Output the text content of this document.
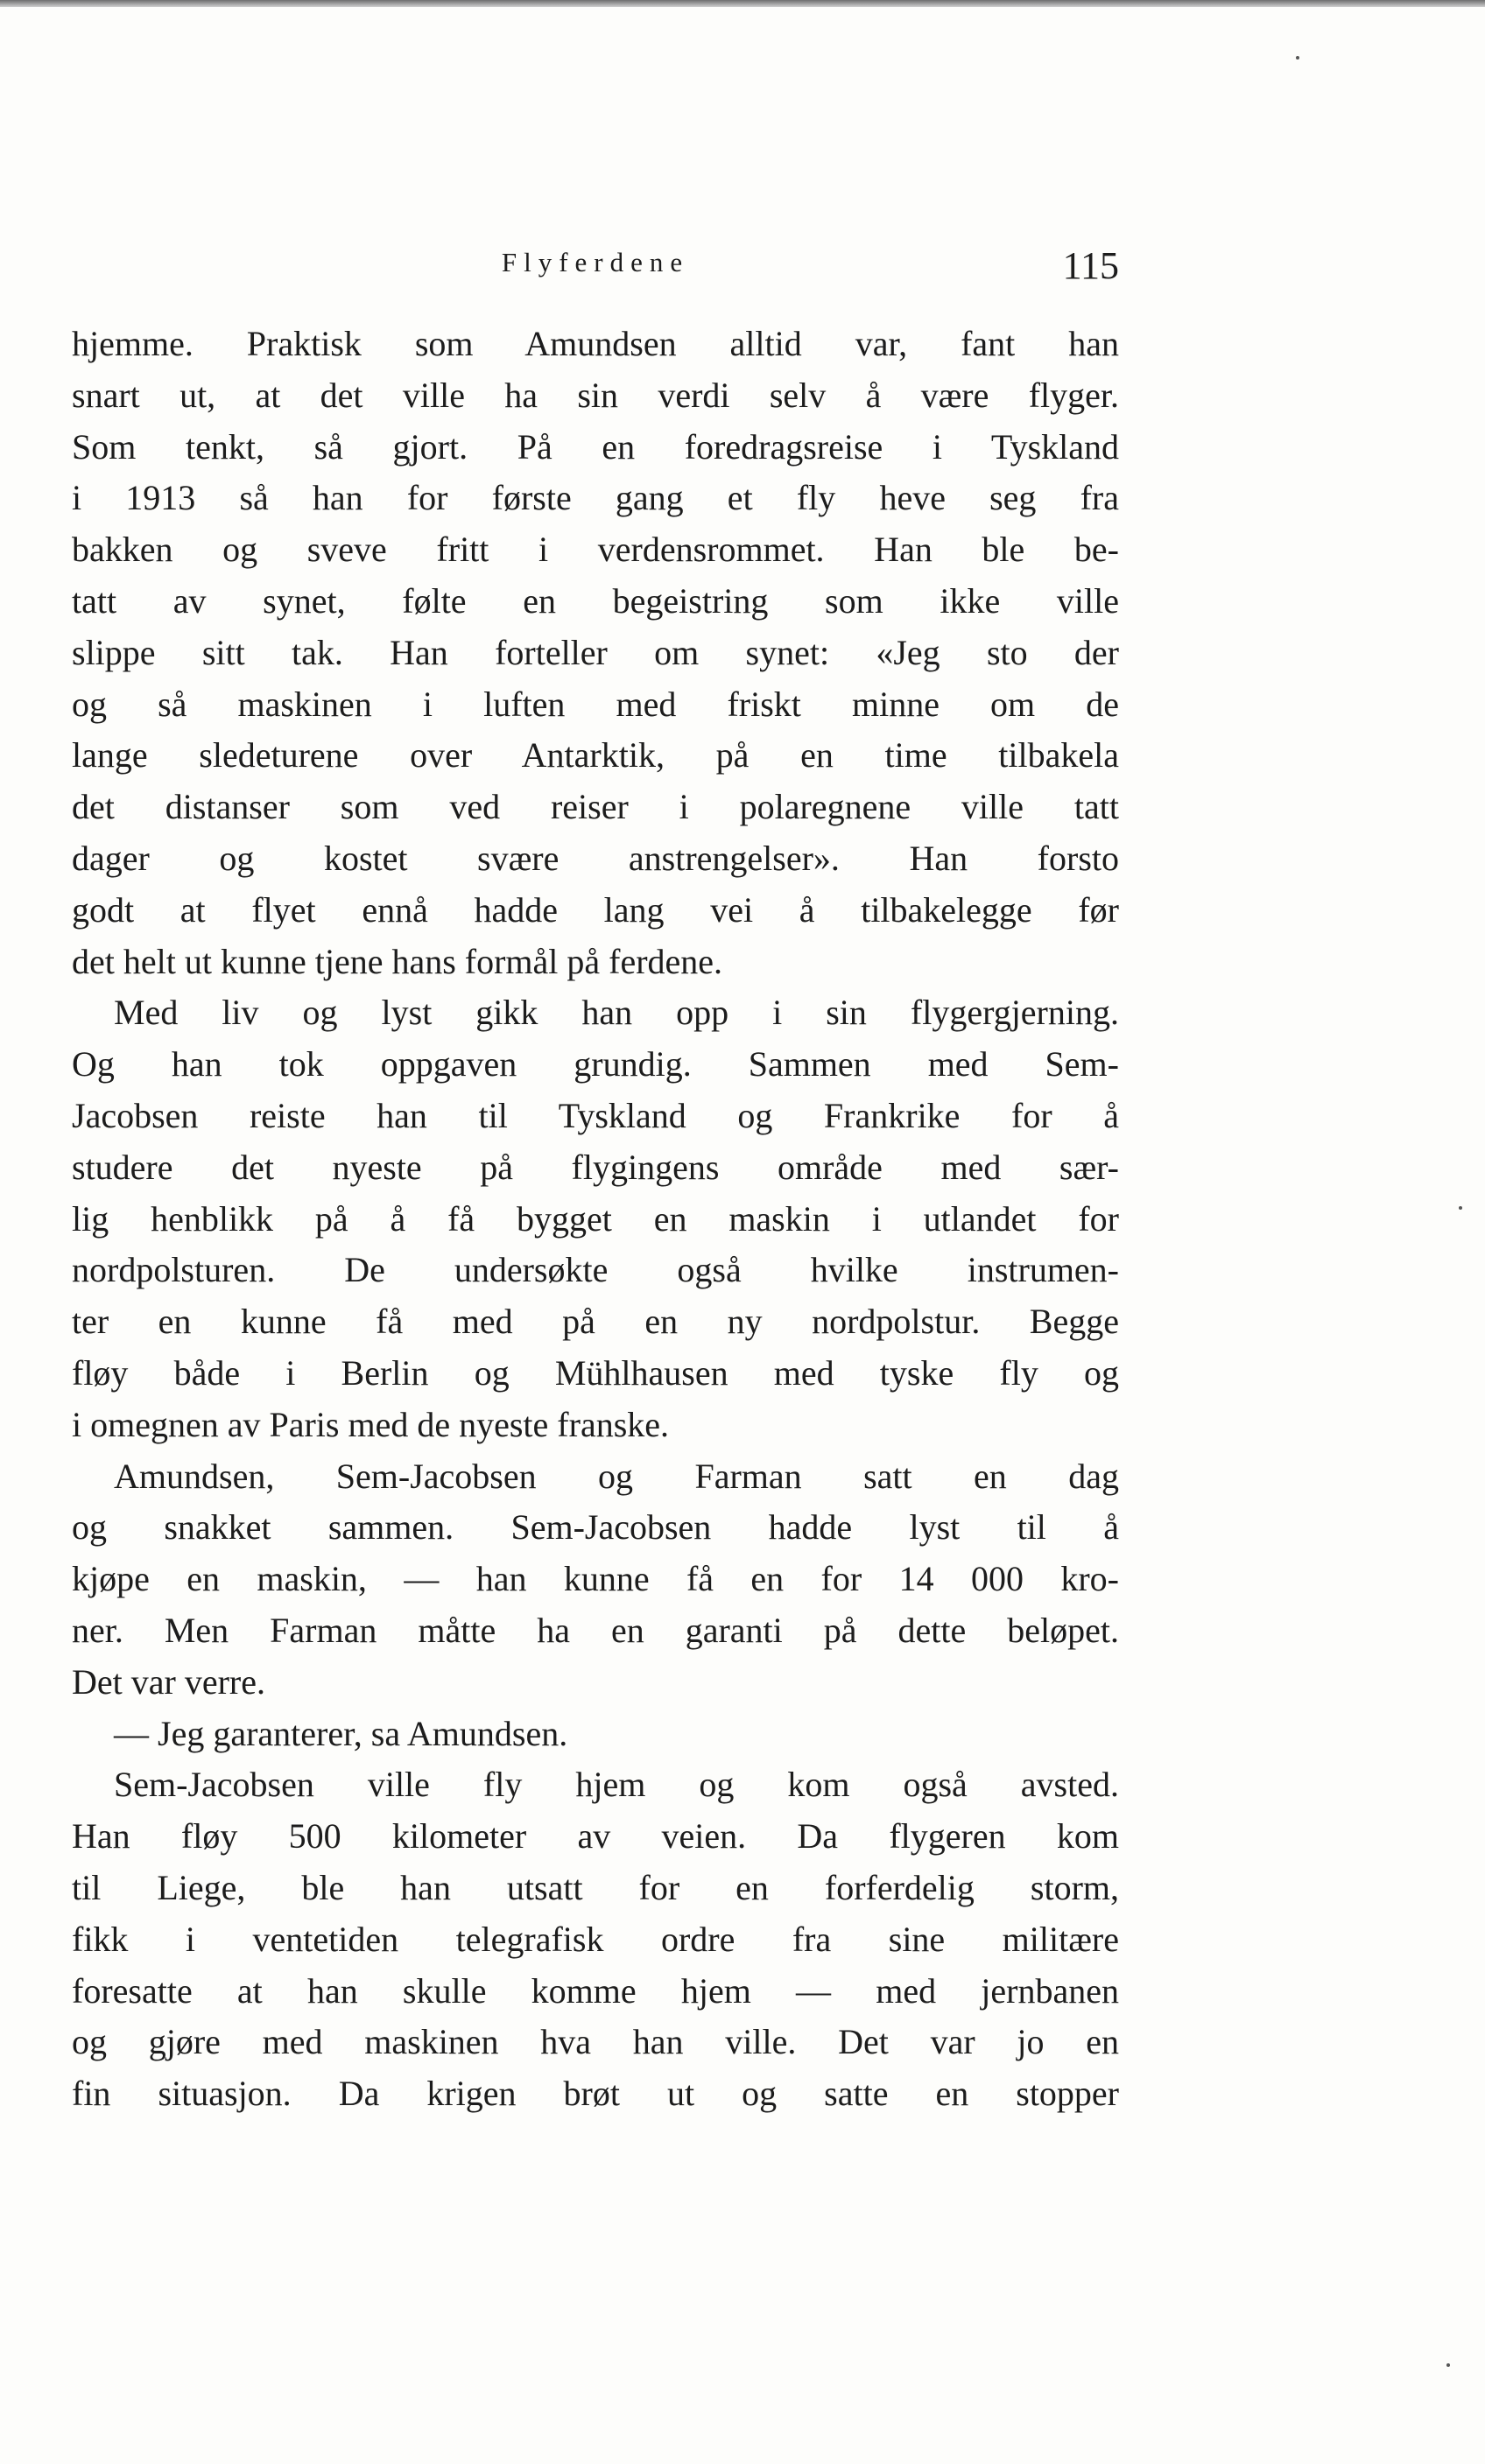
Flyferdene	115
hjemme. Praktisk som Amundsen alltid var, fant han
snart ut, at det ville ha sin verdi selv å være flyger.
Som tenkt, så gjort. På en foredragsreise i Tyskland
i 1913 så han for første gang et fly heve seg fra
bakken og sveve fritt i verdensrommet. Han ble be-
tatt av synet, følte en begeistring som ikke ville
slippe sitt tak. Han forteller om synet: «Jeg sto der
og så maskinen i luften med friskt minne om de
lange sledeturene over Antarktik, på en time tilbakela
det distanser som ved reiser i polaregnene ville tatt
dager og kostet svære anstrengelser». Han forsto
godt at flyet ennå hadde lang vei å tilbakelegge før
det helt ut kunne tjene hans formål på ferdene.
Med liv og lyst gikk han opp i sin flygergjerning.
Og han tok oppgaven grundig. Sammen med Sem-
Jacobsen reiste han til Tyskland og Frankrike for å
studere det nyeste på flygingens område med sær-
lig henblikk på å få bygget en maskin i utlandet for
nordpolsturen. De undersøkte også hvilke instrumen-
ter en kunne få med på en ny nordpolstur. Begge
fløy både i Berlin og Mühlhausen med tyske fly og
i omegnen av Paris med de nyeste franske.
Amundsen, Sem-Jacobsen og Farman satt en dag
og snakket sammen. Sem-Jacobsen hadde lyst til å
kjøpe en maskin, — han kunne få en for 14 000 kro-
ner. Men Farman måtte ha en garanti på dette beløpet.
Det var verre.
— Jeg garanterer, sa Amundsen.
Sem-Jacobsen ville fly hjem og kom også avsted.
Han fløy 500 kilometer av veien. Da flygeren kom
til Liege, ble han utsatt for en forferdelig storm,
fikk i ventetiden telegrafisk ordre fra sine militære
foresatte at han skulle komme hjem — med jernbanen
og gjøre med maskinen hva han ville. Det var jo en
fin situasjon. Da krigen brøt ut og satte en stopper
